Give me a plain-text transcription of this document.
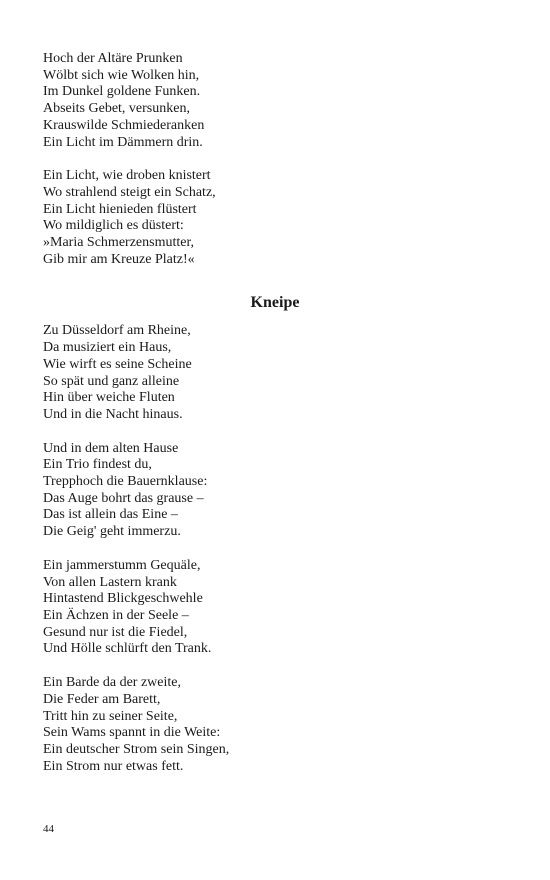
Hoch der Altäre Prunken
Wölbt sich wie Wolken hin,
Im Dunkel goldene Funken.
Abseits Gebet, versunken,
Krauswilde Schmiederanken
Ein Licht im Dämmern drin.
Ein Licht, wie droben knistert
Wo strahlend steigt ein Schatz,
Ein Licht hienieden flüstert
Wo mildiglich es düstert:
»Maria Schmerzensmutter,
Gib mir am Kreuze Platz!«
Kneipe
Zu Düsseldorf am Rheine,
Da musiziert ein Haus,
Wie wirft es seine Scheine
So spät und ganz alleine
Hin über weiche Fluten
Und in die Nacht hinaus.
Und in dem alten Hause
Ein Trio findest du,
Trepphoch die Bauernklause:
Das Auge bohrt das grause –
Das ist allein das Eine –
Die Geig' geht immerzu.
Ein jammerstumm Gequäle,
Von allen Lastern krank
Hintastend Blickgeschwehle
Ein Ächzen in der Seele –
Gesund nur ist die Fiedel,
Und Hölle schlürft den Trank.
Ein Barde da der zweite,
Die Feder am Barett,
Tritt hin zu seiner Seite,
Sein Wams spannt in die Weite:
Ein deutscher Strom sein Singen,
Ein Strom nur etwas fett.
44
